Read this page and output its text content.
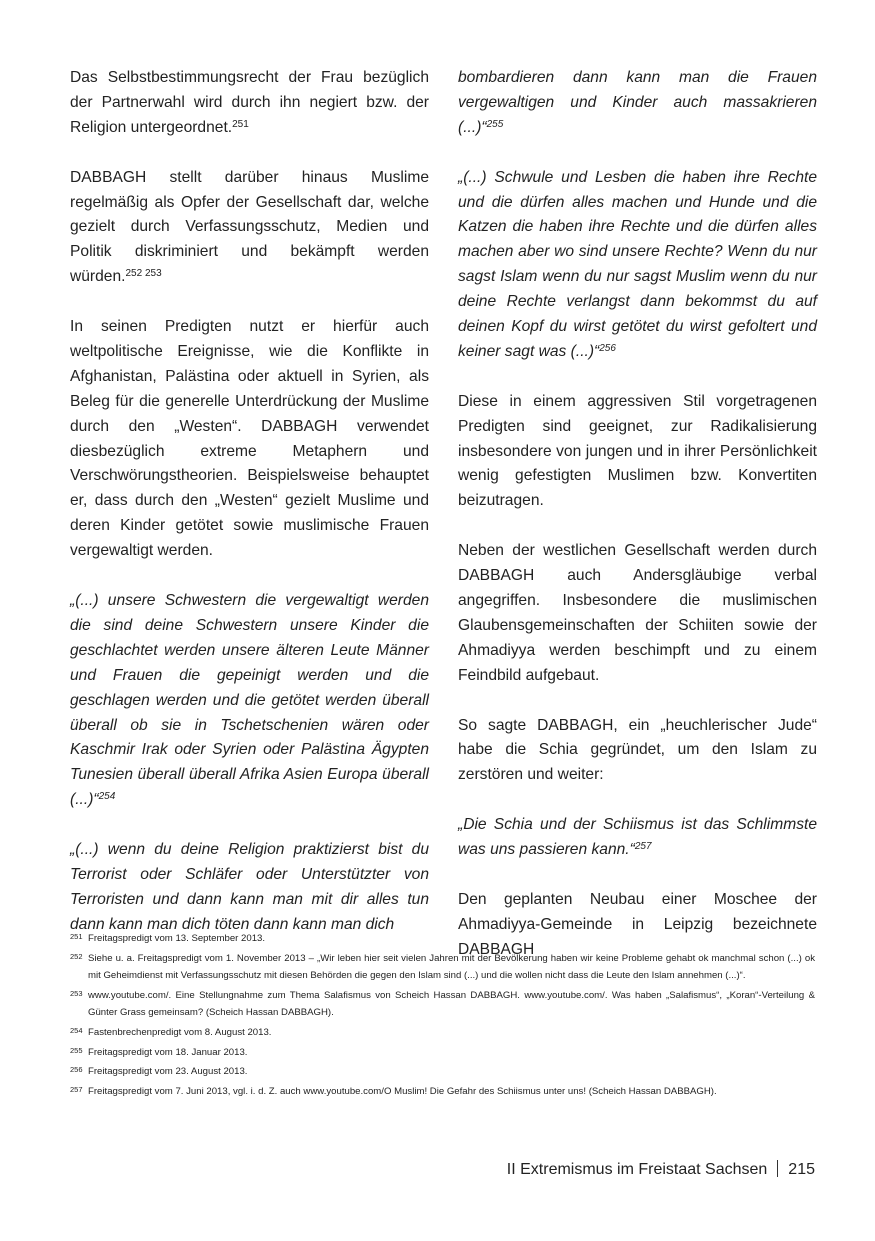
Das Selbstbestimmungsrecht der Frau bezüglich der Partnerwahl wird durch ihn negiert bzw. der Religion untergeordnet.$^{251}$

DABBAGH stellt darüber hinaus Muslime regelmäßig als Opfer der Gesellschaft dar, welche gezielt durch Verfassungsschutz, Medien und Politik diskriminiert und bekämpft werden würden.$^{252 253}$

In seinen Predigten nutzt er hierfür auch weltpolitische Ereignisse, wie die Konflikte in Afghanistan, Palästina oder aktuell in Syrien, als Beleg für die generelle Unterdrückung der Muslime durch den „Westen“. DABBAGH verwendet diesbezüglich extreme Metaphern und Verschwörungstheorien. Beispielsweise behauptet er, dass durch den „Westen“ gezielt Muslime und deren Kinder getötet sowie muslimische Frauen vergewaltigt werden.

„(...) unsere Schwestern die vergewaltigt werden die sind deine Schwestern unsere Kinder die geschlachtet werden unsere älteren Leute Männer und Frauen die gepeinigt werden und die geschlagen werden und die getötet werden überall überall ob sie in Tschetschenien wären oder Kaschmir Irak oder Syrien oder Palästina Ägypten Tunesien überall überall Afrika Asien Europa überall (...)“$^{254}$

„(...) wenn du deine Religion praktizierst bist du Terrorist oder Schläfer oder Unterstützter von Terroristen und dann kann man mit dir alles tun dann kann man dich töten dann kann man dich

bombardieren dann kann man die Frauen vergewaltigen und Kinder auch massakrieren (...)“$^{255}$

„(...) Schwule und Lesben die haben ihre Rechte und die dürfen alles machen und Hunde und die Katzen die haben ihre Rechte und die dürfen alles machen aber wo sind unsere Rechte? Wenn du nur sagst Islam wenn du nur sagst Muslim wenn du nur deine Rechte verlangst dann bekommst du auf deinen Kopf du wirst getötet du wirst gefoltert und keiner sagt was (...)“$^{256}$

Diese in einem aggressiven Stil vorgetragenen Predigten sind geeignet, zur Radikalisierung insbesondere von jungen und in ihrer Persönlichkeit wenig gefestigten Muslimen bzw. Konvertiten beizutragen.

Neben der westlichen Gesellschaft werden durch DABBAGH auch Andersgläubige verbal angegriffen. Insbesondere die muslimischen Glaubensgemeinschaften der Schiiten sowie der Ahmadiyya werden beschimpft und zu einem Feindbild aufgebaut.

So sagte DABBAGH, ein „heuchlerischer Jude“ habe die Schia gegründet, um den Islam zu zerstören und weiter:

„Die Schia und der Schiismus ist das Schlimmste was uns passieren kann.“$^{257}$

Den geplanten Neubau einer Moschee der Ahmadiyya-Gemeinde in Leipzig bezeichnete DABBAGH

251 Freitagspredigt vom 13. September 2013.
252 Siehe u. a. Freitagspredigt vom 1. November 2013 – „Wir leben hier seit vielen Jahren mit der Bevölkerung haben wir keine Probleme gehabt ok manchmal schon (...) ok mit Geheimdienst mit Verfassungsschutz mit diesen Behörden die gegen den Islam sind (...) und die wollen nicht dass die Leute den Islam annehmen (...)“.
253 www.youtube.com/. Eine Stellungnahme zum Thema Salafismus von Scheich Hassan DABBAGH. www.youtube.com/. Was haben „Salafismus“, „Koran“-Verteilung & Günter Grass gemeinsam? (Scheich Hassan DABBAGH).
254 Fastenbrechenpredigt vom 8. August 2013.
255 Freitagspredigt vom 18. Januar 2013.
256 Freitagspredigt vom 23. August 2013.
257 Freitagspredigt vom 7. Juni 2013, vgl. i. d. Z. auch www.youtube.com/O Muslim! Die Gefahr des Schiismus unter uns! (Scheich Hassan DABBAGH).
II Extremismus im Freistaat Sachsen 215
